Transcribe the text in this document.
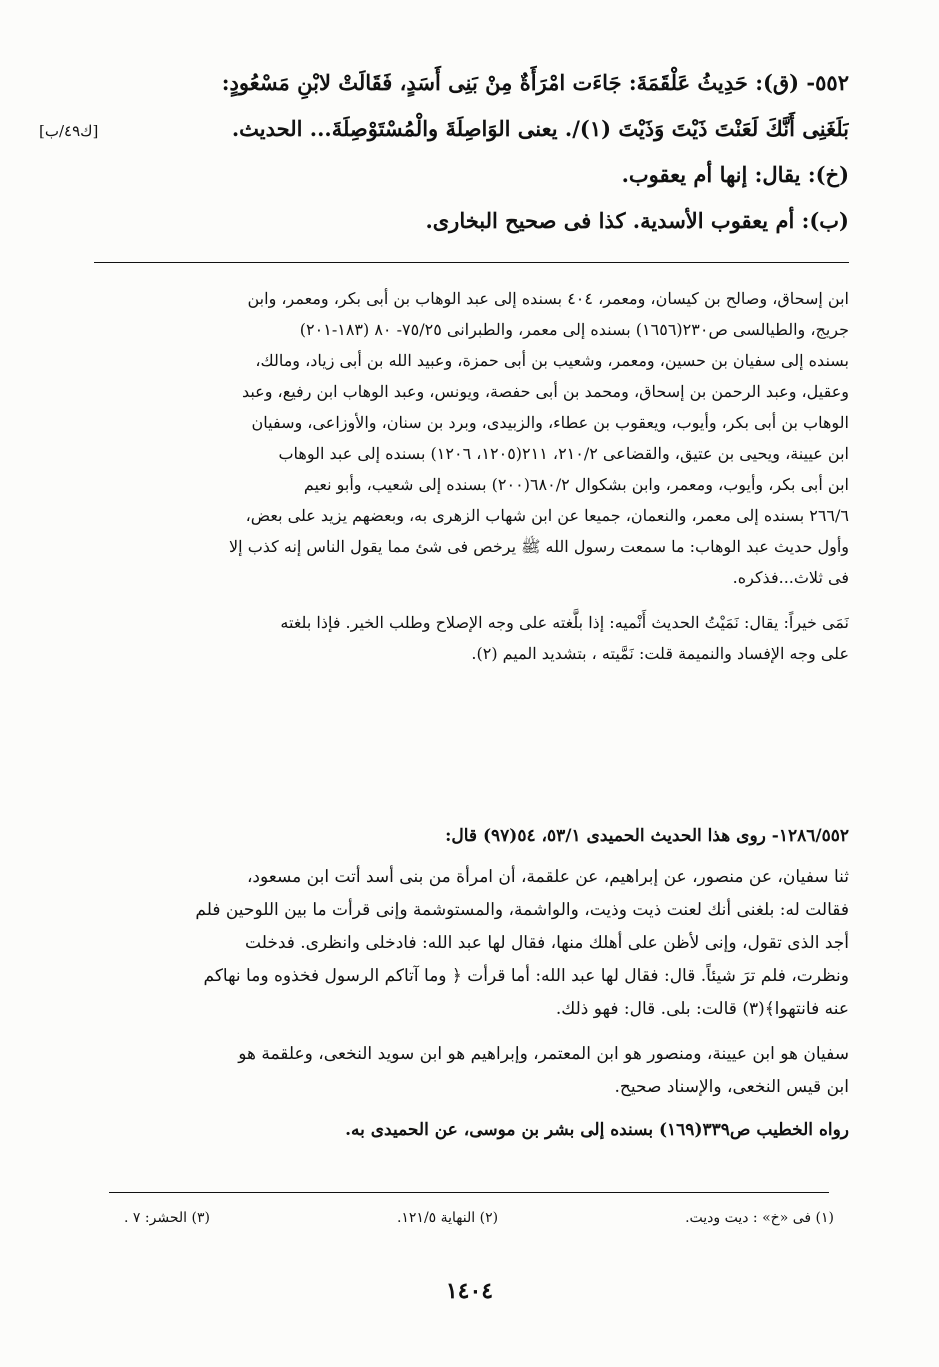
٥٥٢- (ق): حَدِيثُ عَلْقَمَةَ: جَاءَت امْرَأَةٌ مِنْ بَنِى أَسَدٍ، فَقَالَتْ لابْنِ مَسْعُودٍ:
بَلَغَنِى أَنَّكَ لَعَنْتَ ذَيْتَ وَذَيْتَ (١)/. يعنى الوَاصِلَةَ والْمُسْتَوْصِلَةَ... الحديث.
(خ): يقال: إنها أم يعقوب.
(ب): أم يعقوب الأسدية. كذا فى صحيح البخارى.
[ك٤٩/ب]
ابن إسحاق، وصالح بن كيسان، ومعمر، ٤٠٤ بسنده إلى عبد الوهاب بن أبى بكر، ومعمر، وابن
جريج، والطيالسى ص٢٣٠(١٦٥٦) بسنده إلى معمر، والطبرانى ٧٥/٢٥- ٨٠ (١٨٣-٢٠١)
بسنده إلى سفيان بن حسين، ومعمر، وشعيب بن أبى حمزة، وعبيد الله بن أبى زياد، ومالك،
وعقيل، وعبد الرحمن بن إسحاق، ومحمد بن أبى حفصة، ويونس، وعبد الوهاب ابن رفيع، وعبد
الوهاب بن أبى بكر، وأيوب، ويعقوب بن عطاء، والزبيدى، وبرد بن سنان، والأوزاعى، وسفيان
ابن عيينة، ويحيى بن عتيق، والقضاعى ٢١٠/٢، ٢١١(١٢٠٥، ١٢٠٦) بسنده إلى عبد الوهاب
ابن أبى بكر، وأيوب، ومعمر، وابن بشكوال ٦٨٠/٢(٢٠٠) بسنده إلى شعيب، وأبو نعيم
٢٦٦/٦ بسنده إلى معمر، والنعمان، جميعا عن ابن شهاب الزهرى به، وبعضهم يزيد على بعض،
وأول حديث عبد الوهاب: ما سمعت رسول الله ﷺ يرخص فى شئ مما يقول الناس إنه كذب إلا
فى ثلاث...فذكره.
نَمَى خيراً: يقال: نَمَيْتُ الحديث أَنْميه: إذا بلَّغته على وجه الإصلاح وطلب الخير. فإذا بلغته
على وجه الإفساد والنميمة قلت: نَمَّيته ، بتشديد الميم (٢).
١٢٨٦/٥٥٢- روى هذا الحديث الحميدى ٥٣/١، ٥٤(٩٧) قال:
ثنا سفيان، عن منصور، عن إبراهيم، عن علقمة، أن امرأة من بنى أسد أتت ابن مسعود،
فقالت له: بلغنى أنك لعنت ذيت وذيت، والواشمة، والمستوشمة وإنى قرأت ما بين اللوحين فلم
أجد الذى تقول، وإنى لأظن على أهلك منها، فقال لها عبد الله: فادخلى وانظرى. فدخلت
ونظرت، فلم ترَ شيئاً. قال: فقال لها عبد الله: أما قرأت ﴿ وما آتاكم الرسول فخذوه وما نهاكم
عنه فانتهوا﴾(٣) قالت: بلى. قال: فهو ذلك.
سفيان هو ابن عيينة، ومنصور هو ابن المعتمر، وإبراهيم هو ابن سويد النخعى، وعلقمة هو
ابن قيس النخعى، والإسناد صحيح.
رواه الخطيب ص٣٣٩(١٦٩) بسنده إلى بشر بن موسى، عن الحميدى به.
(١) فى «خ» : ديت وديت.
(٢) النهاية ١٢١/٥.
(٣) الحشر: ٧ .
١٤٠٤
